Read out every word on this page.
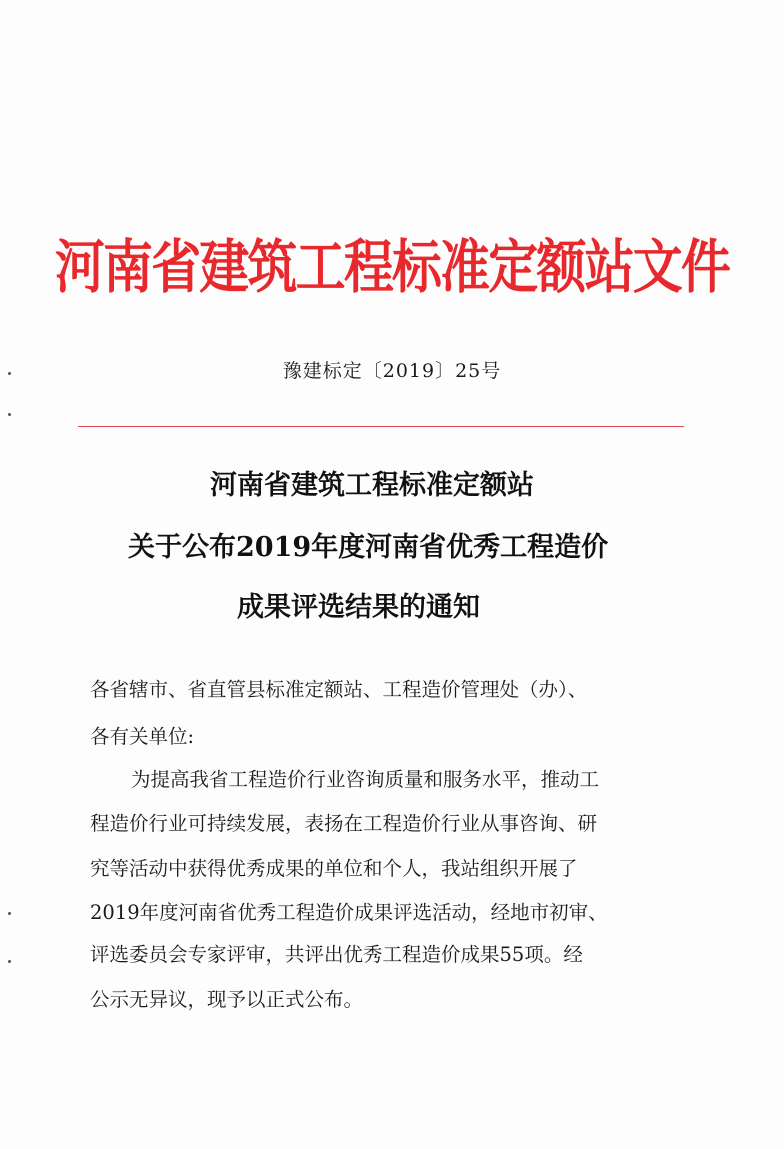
河南省建筑工程标准定额站文件
豫建标定〔2019〕25号
河南省建筑工程标准定额站
关于公布2019年度河南省优秀工程造价
成果评选结果的通知
各省辖市、省直管县标准定额站、工程造价管理处（办）、
各有关单位:
为提高我省工程造价行业咨询质量和服务水平，推动工
程造价行业可持续发展，表扬在工程造价行业从事咨询、研
究等活动中获得优秀成果的单位和个人，我站组织开展了
2019年度河南省优秀工程造价成果评选活动，经地市初审、
评选委员会专家评审，共评出优秀工程造价成果55项。经
公示无异议，现予以正式公布。
